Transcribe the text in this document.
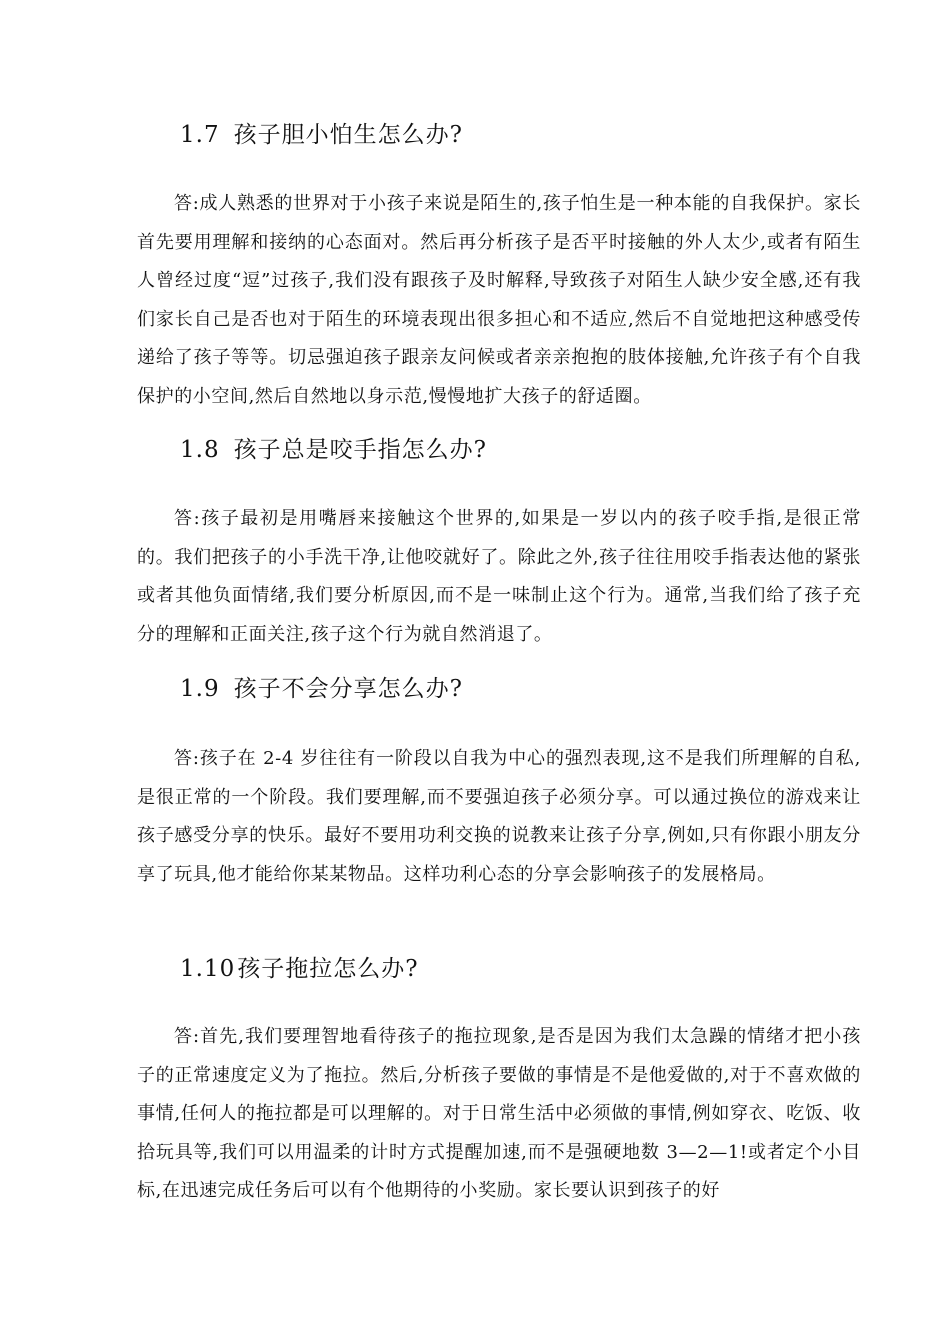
1.7 孩子胆小怕生怎么办?

答:成人熟悉的世界对于小孩子来说是陌生的,孩子怕生是一种本能的自我保护。家长首先要用理解和接纳的心态面对。然后再分析孩子是否平时接触的外人太少,或者有陌生人曾经过度“逗”过孩子,我们没有跟孩子及时解释,导致孩子对陌生人缺少安全感,还有我们家长自己是否也对于陌生的环境表现出很多担心和不适应,然后不自觉地把这种感受传递给了孩子等等。切忌强迫孩子跟亲友问候或者亲亲抱抱的肢体接触,允许孩子有个自我保护的小空间,然后自然地以身示范,慢慢地扩大孩子的舒适圈。

1.8 孩子总是咬手指怎么办?

答:孩子最初是用嘴唇来接触这个世界的,如果是一岁以内的孩子咬手指,是很正常的。我们把孩子的小手洗干净,让他咬就好了。除此之外,孩子往往用咬手指表达他的紧张或者其他负面情绪,我们要分析原因,而不是一味制止这个行为。通常,当我们给了孩子充分的理解和正面关注,孩子这个行为就自然消退了。

1.9 孩子不会分享怎么办?

答:孩子在 2-4 岁往往有一阶段以自我为中心的强烈表现,这不是我们所理解的自私,是很正常的一个阶段。我们要理解,而不要强迫孩子必须分享。可以通过换位的游戏来让孩子感受分享的快乐。最好不要用功利交换的说教来让孩子分享,例如,只有你跟小朋友分享了玩具,他才能给你某某物品。这样功利心态的分享会影响孩子的发展格局。

1.10孩子拖拉怎么办?

答:首先,我们要理智地看待孩子的拖拉现象,是否是因为我们太急躁的情绪才把小孩子的正常速度定义为了拖拉。然后,分析孩子要做的事情是不是他爱做的,对于不喜欢做的事情,任何人的拖拉都是可以理解的。对于日常生活中必须做的事情,例如穿衣、吃饭、收拾玩具等,我们可以用温柔的计时方式提醒加速,而不是强硬地数 3—2—1!或者定个小目标,在迅速完成任务后可以有个他期待的小奖励。家长要认识到孩子的好
